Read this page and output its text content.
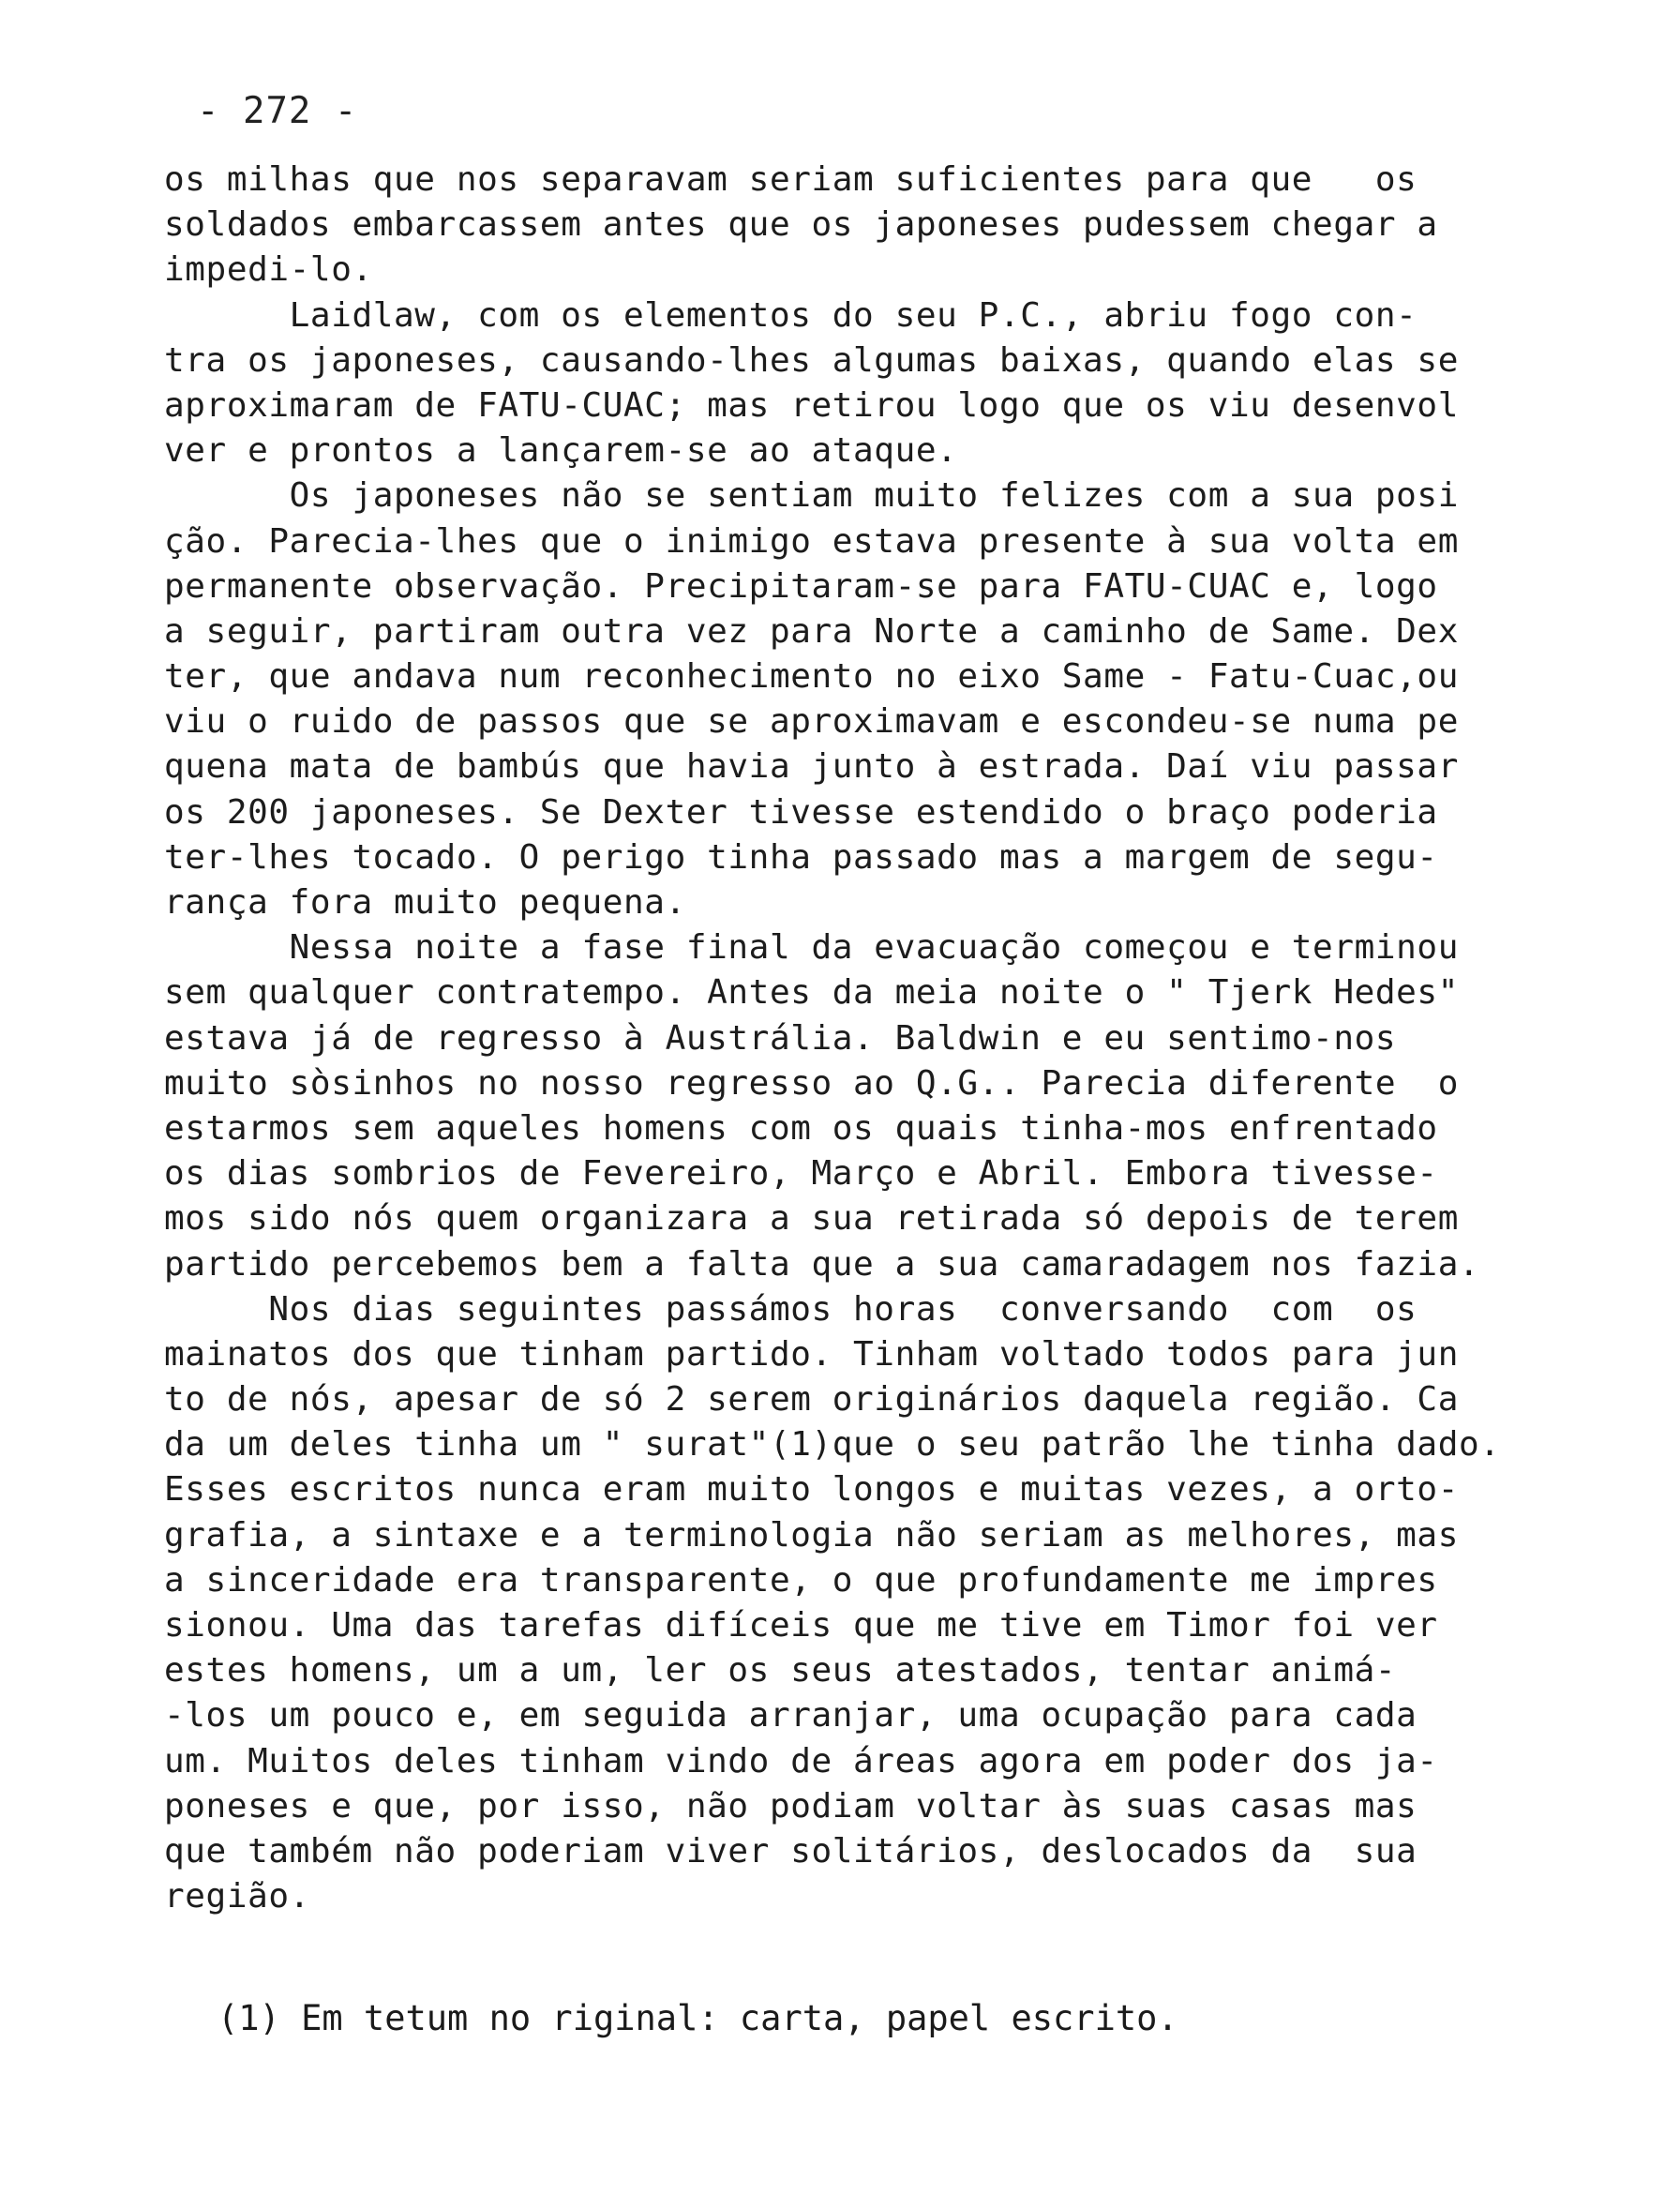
- 272 -
os milhas que nos separavam seriam suficientes para que   os
soldados embarcassem antes que os japoneses pudessem chegar a
impedi-lo.
Laidlaw, com os elementos do seu P.C., abriu fogo con-
tra os japoneses, causando-lhes algumas baixas, quando elas se
aproximaram de FATU-CUAC; mas retirou logo que os viu desenvol
ver e prontos a lançarem-se ao ataque.
Os japoneses não se sentiam muito felizes com a sua posi
ção. Parecia-lhes que o inimigo estava presente à sua volta em
permanente observação. Precipitaram-se para FATU-CUAC e, logo
a seguir, partiram outra vez para Norte a caminho de Same. Dex
ter, que andava num reconhecimento no eixo Same - Fatu-Cuac,ou
viu o ruido de passos que se aproximavam e escondeu-se numa pe
quena mata de bambús que havia junto à estrada. Daí viu passar
os 200 japoneses. Se Dexter tivesse estendido o braço poderia
ter-lhes tocado. O perigo tinha passado mas a margem de segu-
rança fora muito pequena.
Nessa noite a fase final da evacuação começou e terminou
sem qualquer contratempo. Antes da meia noite o " Tjerk Hedes"
estava já de regresso à Austrália. Baldwin e eu sentimo-nos
muito sòsinhos no nosso regresso ao Q.G.. Parecia diferente  o
estarmos sem aqueles homens com os quais tinha-mos enfrentado
os dias sombrios de Fevereiro, Março e Abril. Embora tivesse-
mos sido nós quem organizara a sua retirada só depois de terem
partido percebemos bem a falta que a sua camaradagem nos fazia.
Nos dias seguintes passámos horas  conversando  com  os
mainatos dos que tinham partido. Tinham voltado todos para jun
to de nós, apesar de só 2 serem originários daquela região. Ca
da um deles tinha um " surat"(1)que o seu patrão lhe tinha dado.
Esses escritos nunca eram muito longos e muitas vezes, a orto-
grafia, a sintaxe e a terminologia não seriam as melhores, mas
a sinceridade era transparente, o que profundamente me impres
sionou. Uma das tarefas difíceis que me tive em Timor foi ver
estes homens, um a um, ler os seus atestados, tentar animá-
-los um pouco e, em seguida arranjar, uma ocupação para cada
um. Muitos deles tinham vindo de áreas agora em poder dos ja-
poneses e que, por isso, não podiam voltar às suas casas mas
que também não poderiam viver solitários, deslocados da  sua
região.
(1) Em tetum no riginal: carta, papel escrito.
